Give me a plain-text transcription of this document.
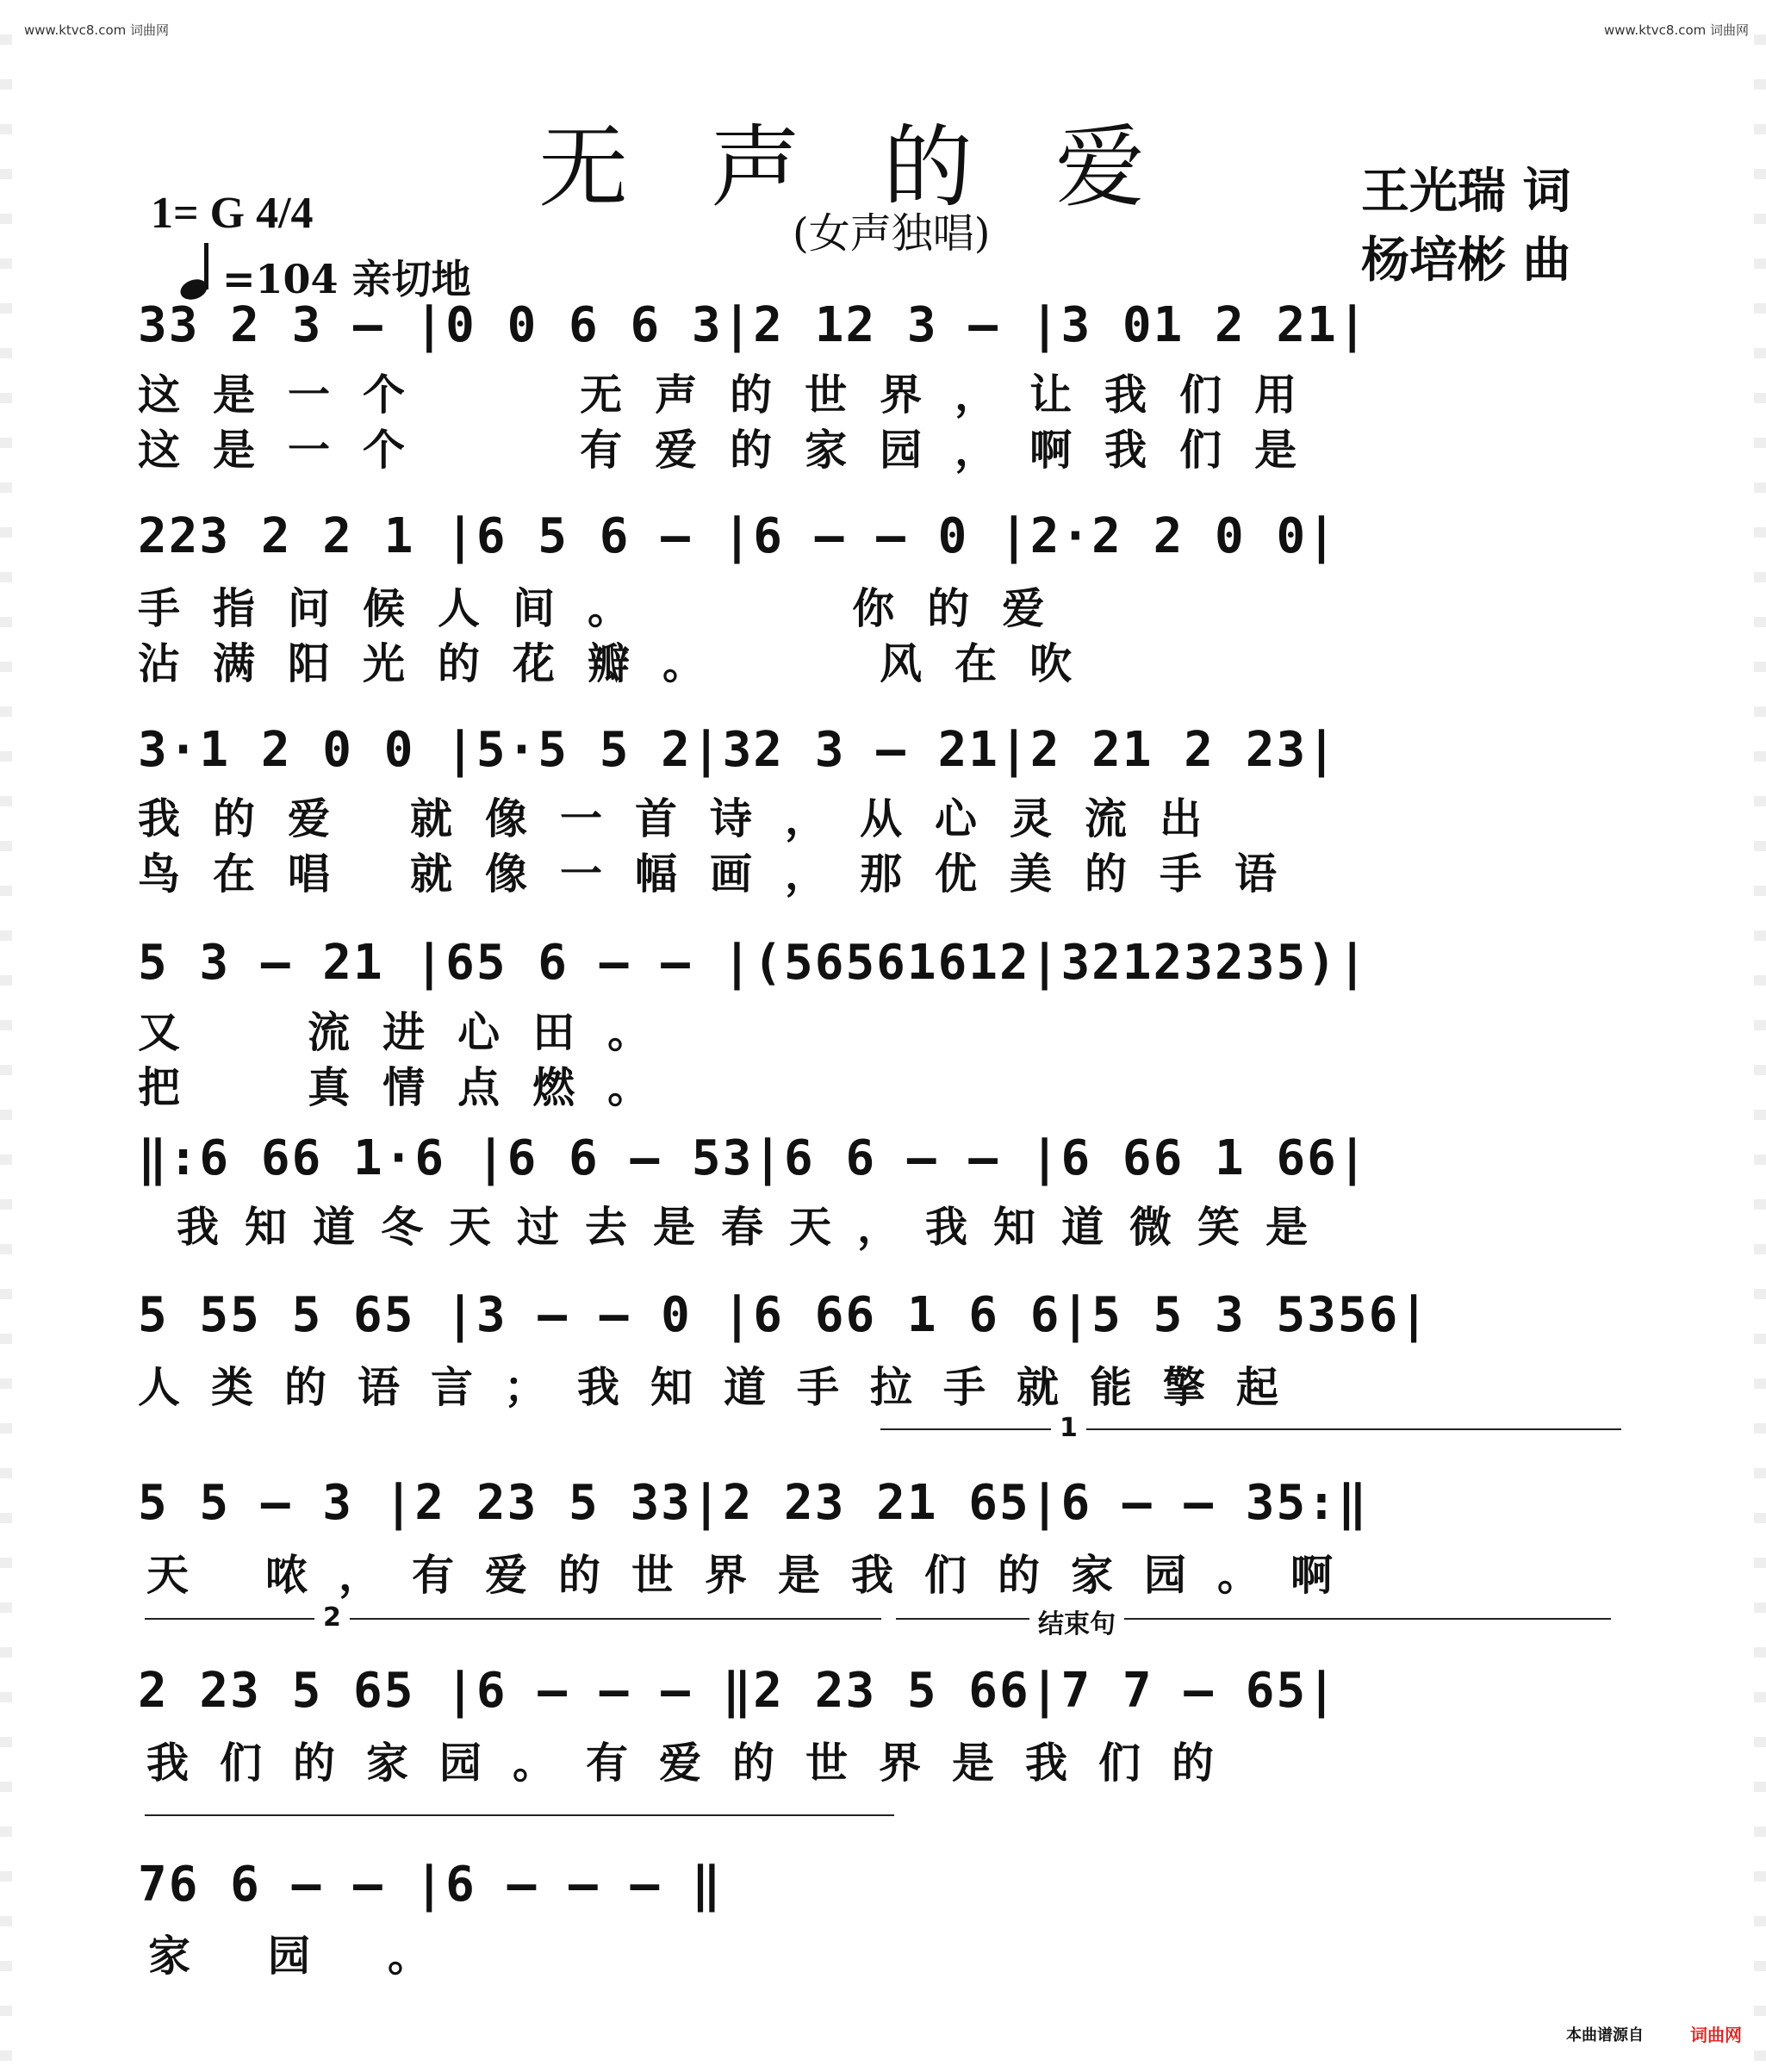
www.ktvc8.com 词曲网	www.ktvc8.com 词曲网
无声的爱
(女声独唱)
王光瑞 词
杨培彬 曲
1= G 4/4
=104 亲切地
33 2 3 — |0 0 6 6 3|2 12 3 — |3 01 2 21|
这是一个   无声的世界，让我们用
这是一个   有爱的家园，啊我们是
223 2 2 1 |6 5 6 — |6 — — 0 |2·2 2 0 0|
手指问候人间。    你的爱
沾满阳光的花瓣。   风在吹
3·1 2 0 0 |5·5 5 2|32 3 — 21|2 21 2 23|
我的爱 就像一首诗，从心灵流出
鸟在唱 就像一幅画，那优美的手语
5 3 — 21 |65 6 — — |(56561612|32123235)|
又  流进心田。
把  真情点燃。
‖:6 66 1·6 |6 6 — 53|6 6 — — |6 66 1 66|
我知道冬天过去是春天，我知道微笑是
5 55 5 65 |3 — — 0 |6 66 1 6 6|5 5 3 5356|
人类的语言；我知道手拉手就能擎起
1
5 5 — 3 |2 23 5 33|2 23 21 65|6 — — 35:‖
天 哝，有爱的世界是我们的家园。啊
2	结束句
2 23 5 65 |6 — — — ‖2 23 5 66|7 7 — 65|
我们的家园。有爱的世界是我们的
76 6 — — |6 — — — ‖
家园。
本曲谱源自	词曲网
